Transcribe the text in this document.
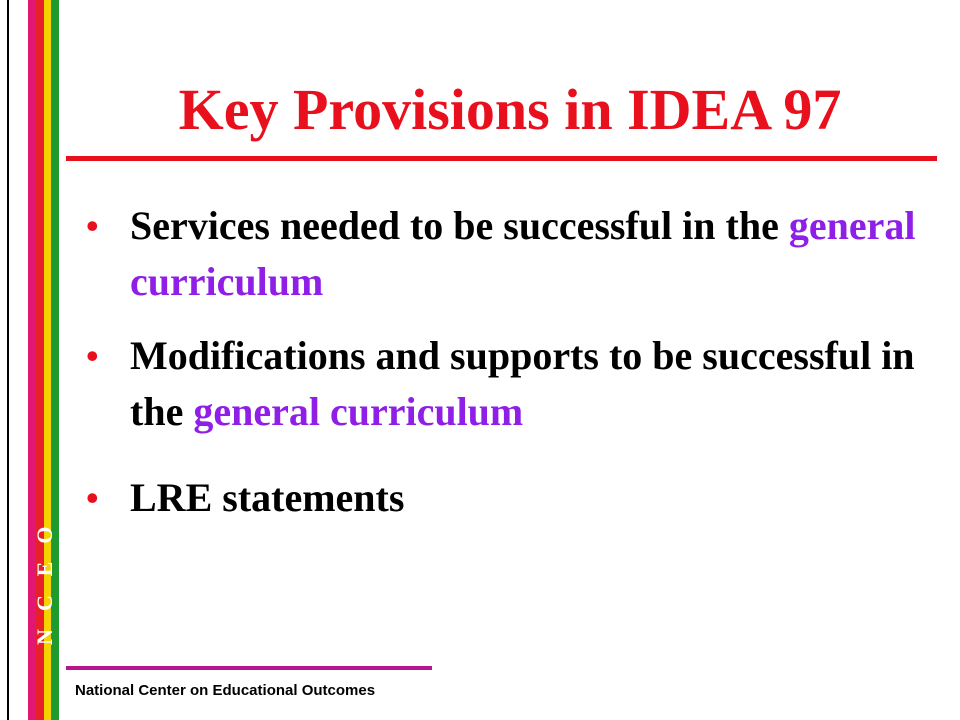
N
C
E
O
Key Provisions in IDEA 97
• Services needed to be successful in the general curriculum
• Modifications and supports to be successful in the general curriculum
• LRE statements
National Center on Educational Outcomes
